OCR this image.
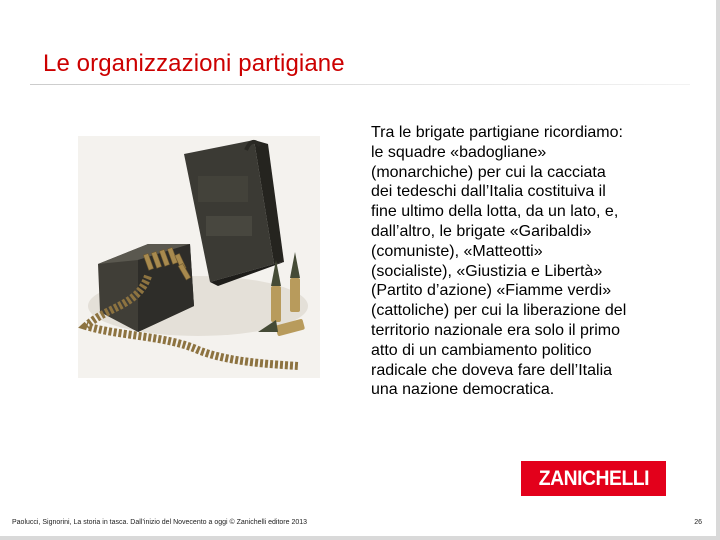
Le organizzazioni partigiane
Tra le brigate partigiane ricordiamo:
le squadre «badogliane»
(monarchiche) per cui la cacciata
dei tedeschi dall’Italia costituiva il
fine ultimo della lotta, da un lato, e,
dall’altro, le brigate «Garibaldi»
(comuniste), «Matteotti»
(socialiste), «Giustizia e Libertà»
(Partito d’azione) «Fiamme verdi»
(cattoliche) per cui la liberazione del
territorio nazionale era solo il primo
atto di un cambiamento politico
radicale che doveva fare dell’Italia
una nazione democratica.
ZANICHELLI
Paolucci, Signorini, La storia in tasca. Dall’inizio del Novecento a oggi © Zanichelli editore 2013	26
